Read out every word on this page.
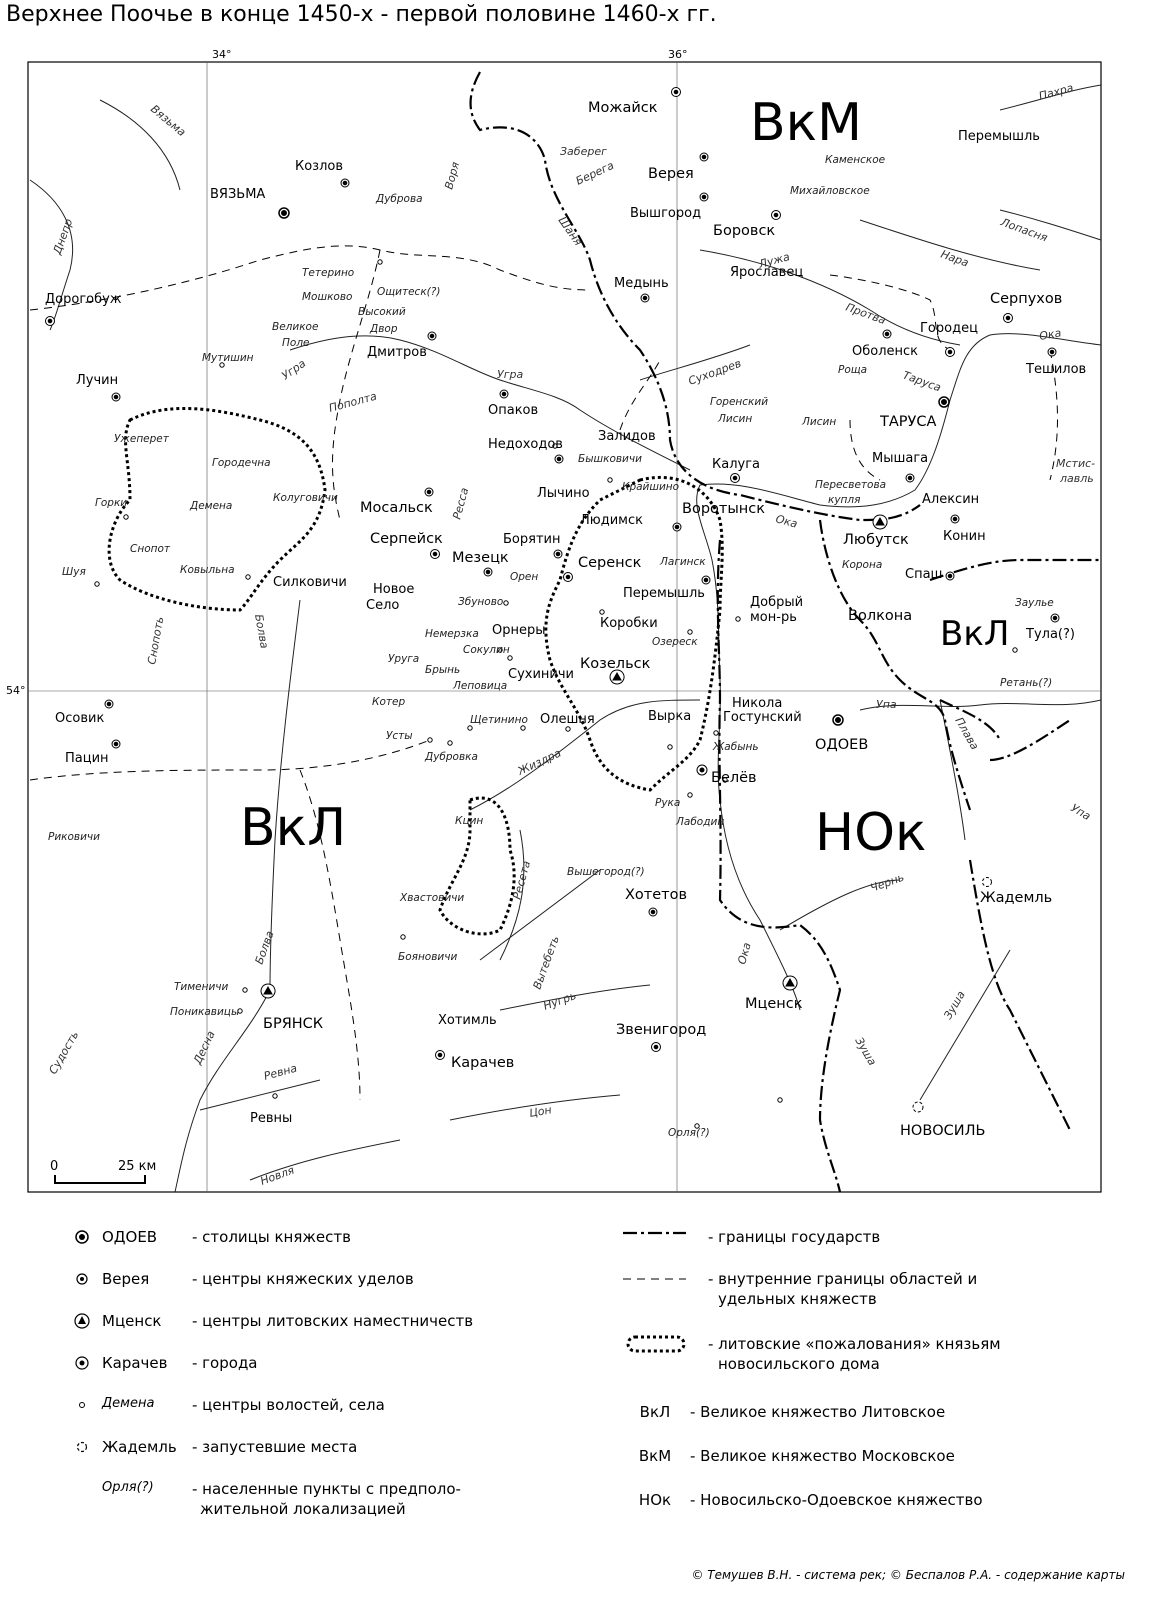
Верхнее Поочье в конце 1450-х - первой половине 1460-х гг.
34°	36°
54°
ВкМ
ВкЛ	НОк
ВкЛ
Можайск
Верея
Вышгород
Боровск
Перемышль
Каменское
Михайловское
Медынь
Ярославец
Серпухов
Городец
Оболенск
Тешилов
Роща
Лисин
Горенский
Лисин	ТАРУСА
Козлов
ВЯЗЬМА	Дуброва
Дорогобуж
Тетерино
Мошково Ощитеск(?)
Высокий
Двор
Великое
Поле
Мутишин	Дмитров
Опаков
Недоходов
Залидов
Бышковичи	Калуга
Крайшино
Лычино
Воротынск
Людимск
Мышага
Пересветова
купля	Алексин
Любутск	Конин
Корона
Спаш
Волкона
Тула(?)
Ретань(?)
Заулье
Лучин
Ужеперет
Городечна
Демена
Горки	Колуговичи
Мосальск
Снопот
Ковыльна
Шуя
Серпейск
Мезецк
Борятин
Серенск Лагинск
Перемышль
Силковичи Новое
Село
Орен
Збуново	Добрый
мон-рь
Коробки
Озереск
Немерзка Орнеры
Уруга
Сокулин
Брынь	Сухиничи
Козельск
Леповица
Котер
Осовик
Усты
Щетинино Олешня	Вырка
Никола
Гостунский
ОДОЕВ
Пацин	Дубровка
Жабынь
Белёв
Рука
Лабодин
Риковичи
Кцин
Вышегород(?)
Хотетов
Хвастовичи	Жадемль
Бояновичи
Тименичи
Поникавицы
БРЯНСК	Хотимль
Звенигород
Мценск
Карачев
Ревны
Орля(?)	НОВОСИЛЬ
Вязьма
Днепр
Воря
Заберег
Берега
Шаня
Пахра
Лопасня
Нара
Лужа
Протва
Ока
Таруса
Суходрев
Угра
Угра
Пополта
Ресса
Мстис-
лавль
Ока
Снопоть	Болва
Упа
Плава
Упа
Жиздра
Ресета	Чернь
Вытебеть
Нугрь
Ока
Зуша
Зуша
Болва
Десна
Судость	Ревна
Цон
Новля
0	25 км
ОДОЕВ	- столицы княжеств
Верея	- центры княжеских уделов
Мценск	- центры литовских наместничеств
Карачев	- города
Демена	- центры волостей, села
Жадемль	- запустевшие места
Орля(?)	- населенные пункты с предполо-
жительной локализацией
- границы государств
- внутренние границы областей и
удельных княжеств
- литовские «пожалования» князьям
новосильского дома
ВкЛ	- Великое княжество Литовское
ВкМ	- Великое княжество Московское
НОк	- Новосильско-Одоевское княжество
© Темушев В.Н. - система рек; © Беспалов Р.А. - содержание карты
